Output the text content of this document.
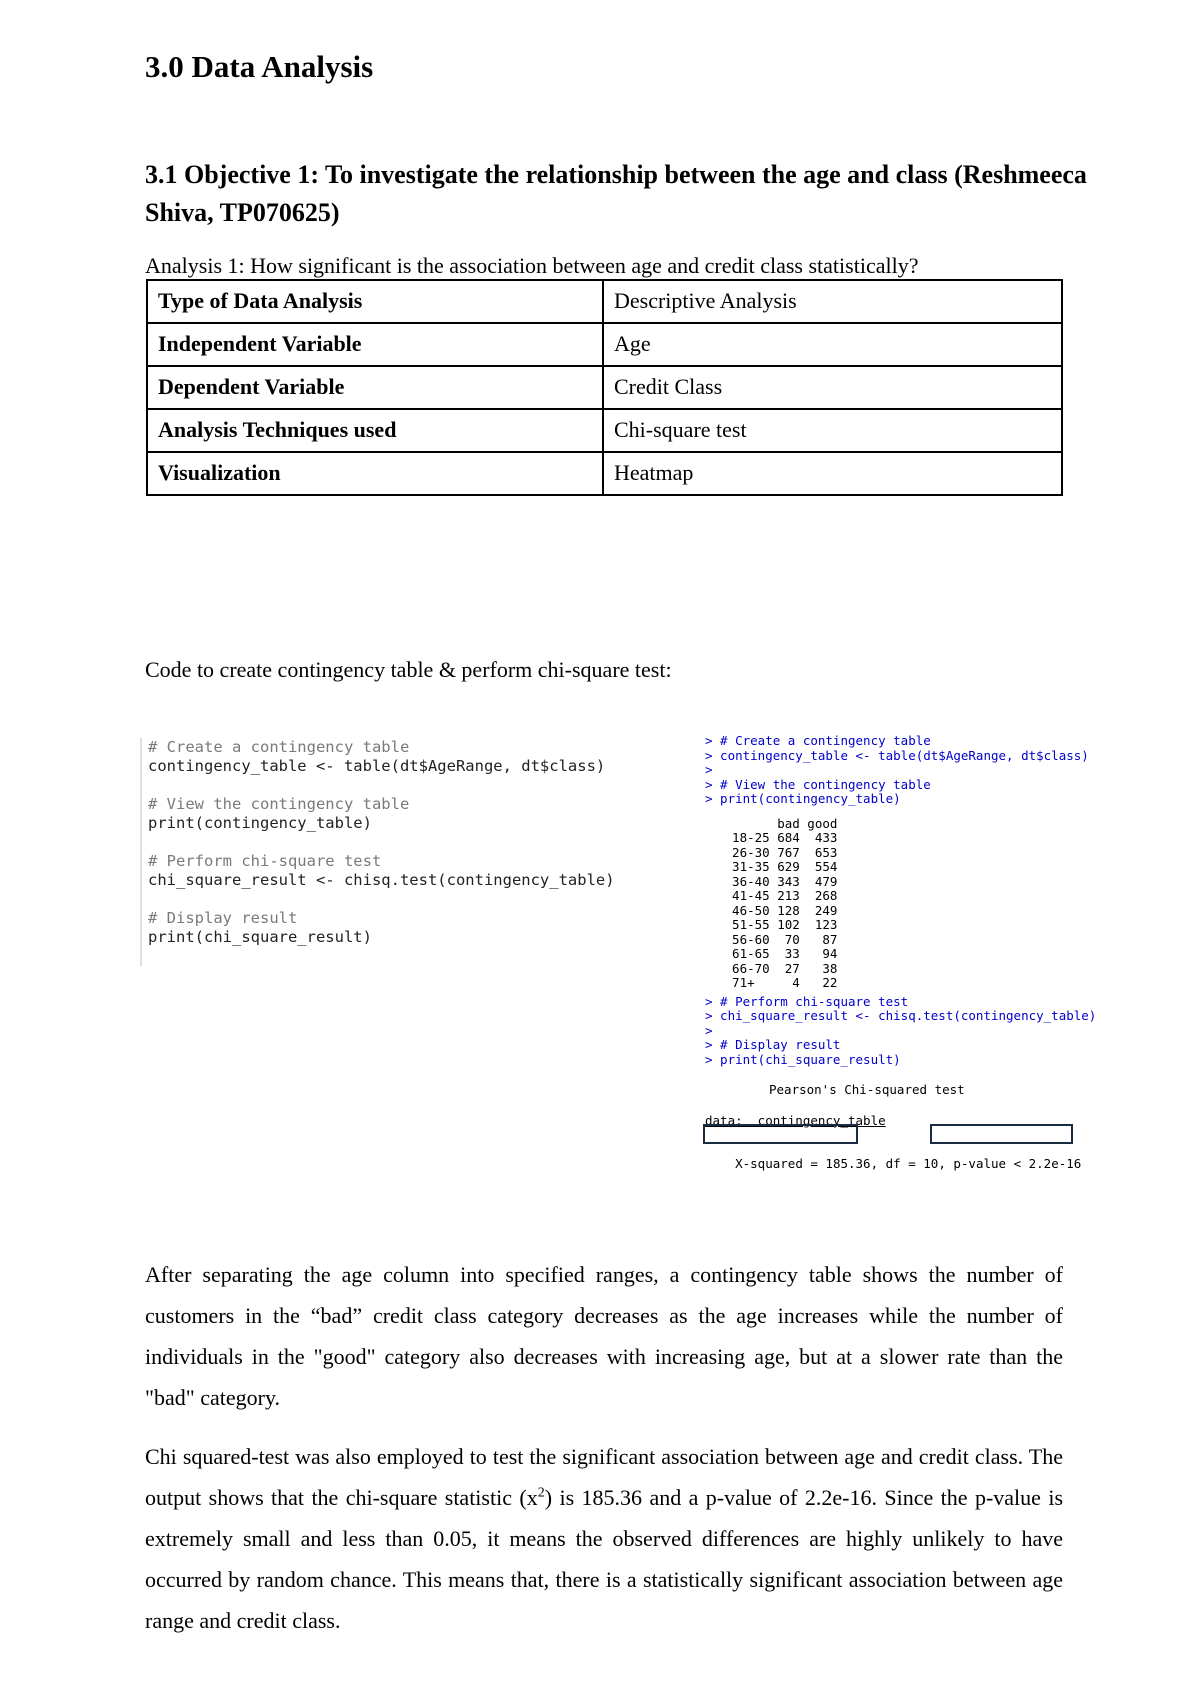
3.0 Data Analysis
3.1 Objective 1: To investigate the relationship between the age and class (Reshmeeca Shiva, TP070625)

Analysis 1: How significant is the association between age and credit class statistically?

Type of Data Analysis	Descriptive Analysis
Independent Variable	Age
Dependent Variable	Credit Class
Analysis Techniques used	Chi-square test
Visualization	Heatmap

Code to create contingency table & perform chi-square test:

# Create a contingency table
contingency_table <- table(dt$AgeRange, dt$class)
# View the contingency table
print(contingency_table)
# Perform chi-square test
chi_square_result <- chisq.test(contingency_table)
# Display result
print(chi_square_result)
> # Create a contingency table
> contingency_table <- table(dt$AgeRange, dt$class)
>
> # View the contingency table
> print(contingency_table)
bad good
18-25 684  433
26-30 767  653
31-35 629  554
36-40 343  479
41-45 213  268
46-50 128  249
51-55 102  123
56-60  70   87
61-65  33   94
66-70  27   38
71+     4   22
> # Perform chi-square test
> chi_square_result <- chisq.test(contingency_table)
>
> # Display result
> print(chi_square_result)
Pearson's Chi-squared test
data:  contingency_table

X-squared = 185.36, df = 10, p-value < 2.2e-16

After separating the age column into specified ranges, a contingency table shows the number of customers in the “bad” credit class category decreases as the age increases while the number of individuals in the "good" category also decreases with increasing age, but at a slower rate than the "bad" category.

Chi squared-test was also employed to test the significant association between age and credit class. The output shows that the chi-square statistic $(x^2)$ is 185.36 and a p-value of 2.2e-16. Since the p-value is extremely small and less than 0.05, it means the observed differences are highly unlikely to have occurred by random chance. This means that, there is a statistically significant association between age range and credit class.
